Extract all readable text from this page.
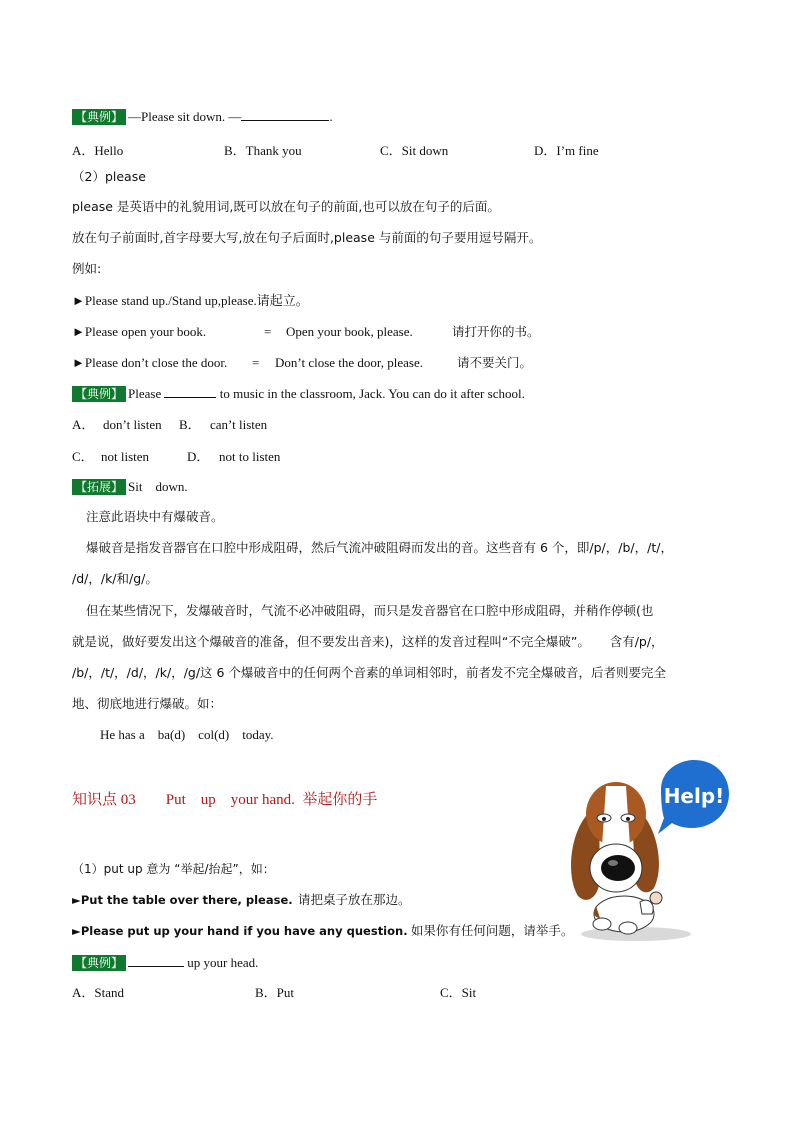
【典例】 —Please sit down. —	.
A．Hello	B．Thank you	C．Sit down	D．I’m fine
（2）please
please 是英语中的礼貌用词,既可以放在句子的前面,也可以放在句子的后面。
放在句子前面时,首字母要大写,放在句子后面时,please 与前面的句子要用逗号隔开。
例如:
►Please stand up./Stand up,please.请起立。
►Please open your book.	= Open your book, please.	请打开你的书。
►Please don’t close the door. = Don’t close the door, please.	请不要关门。
【典例】 Please	to music in the classroom, Jack. You can do it after school.
A． don’t listen B． can’t listen
C． not listen	D． not to listen
【拓展】 Sit    down.
注意此语块中有爆破音。
爆破音是指发音器官在口腔中形成阻碍，然后气流冲破阻碍而发出的音。这些音有 6 个，即/p/，/b/，/t/，
/d/，/k/和/g/。
但在某些情况下，发爆破音时，气流不必冲破阻碍，而只是发音器官在口腔中形成阻碍，并稍作停顿(也
就是说，做好要发出这个爆破音的准备，但不要发出音来)，这样的发音过程叫“不完全爆破”。     含有/p/，
/b/，/t/，/d/，/k/，/g/这 6 个爆破音中的任何两个音素的单词相邻时，前者发不完全爆破音，后者则要完全
地、彻底地进行爆破。如：
He has a    ba(d)    col(d)    today.
知识点 03        Put    up    your hand.  举起你的手	Help!
（1）put up 意为 “举起/抬起”，如：
►Put the table over there, please. 请把桌子放在那边。
►Please put up your hand if you have any question. 如果你有任何问题，请举手。
【典例】	up your head.
A．Stand	B．Put	C．Sit
